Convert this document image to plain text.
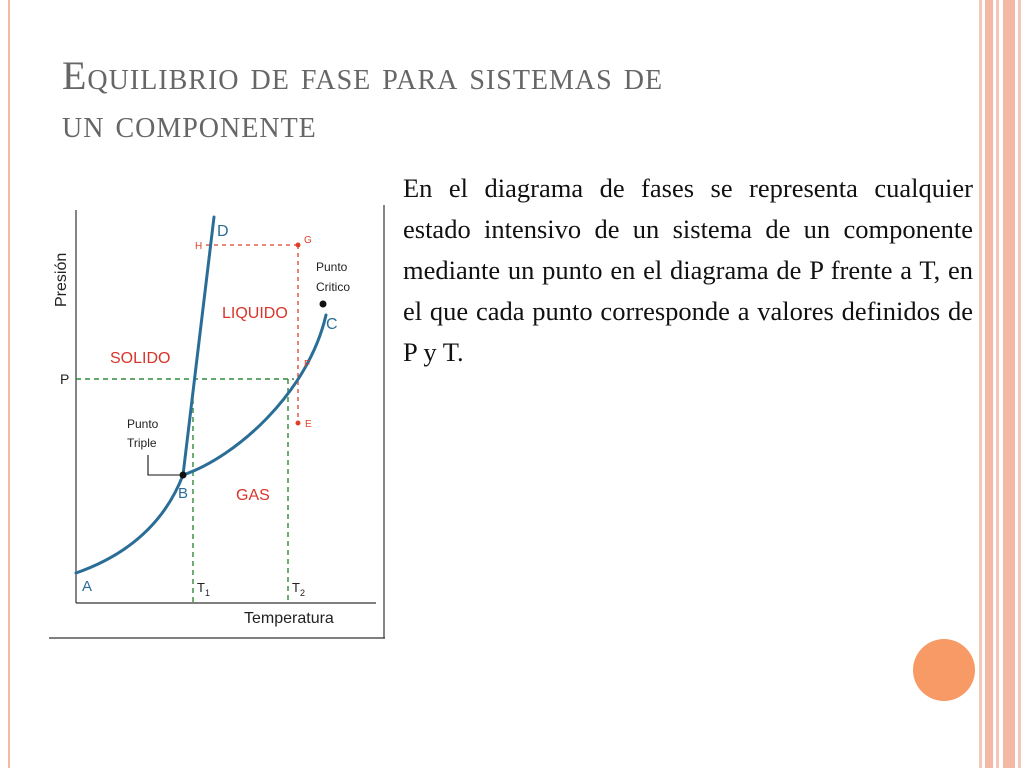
Equilibrio de fase para sistemas de
un componente

En el diagrama de fases se representa cualquier estado intensivo de un sistema de un componente mediante un punto en el diagrama de P frente a T, en el que cada punto corresponde a valores definidos de P y T.

Presión
Temperatura
SOLIDO
LIQUIDO
GAS
A
B
C
D
H
G
F
E
P
$T_1$	$T_2$
Punto
Triple
Punto
Critico
